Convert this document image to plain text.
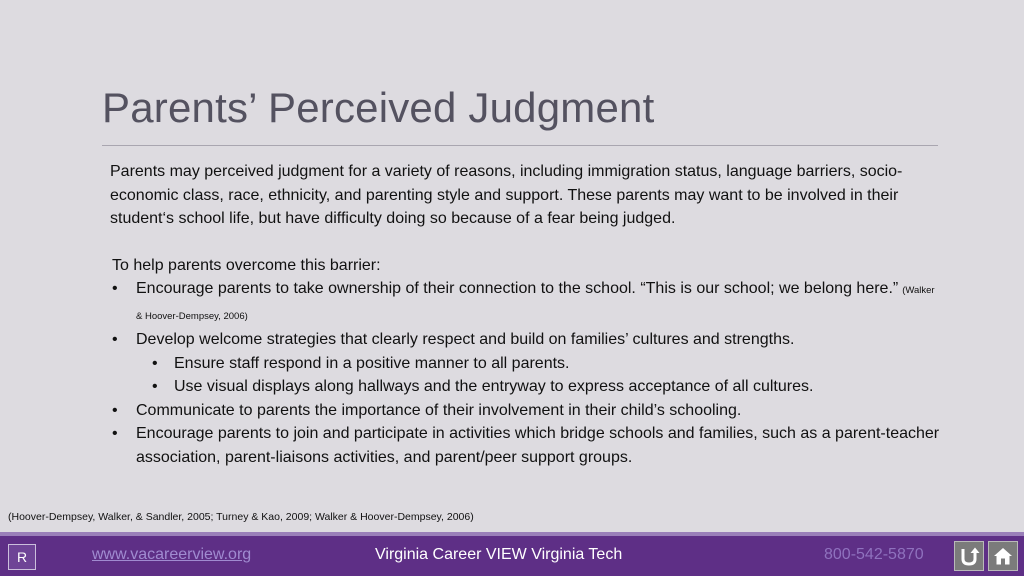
Parents’ Perceived Judgment

Parents may perceived judgment for a variety of reasons, including immigration status, language barriers, socio-economic class, race, ethnicity, and parenting style and support. These parents may want to be involved in their student‘s school life, but have difficulty doing so because of a fear being judged.

To help parents overcome this barrier:

• Encourage parents to take ownership of their connection to the school. “This is our school; we belong here.” (Walker & Hoover-Dempsey, 2006)
• Develop welcome strategies that clearly respect and build on families’ cultures and strengths.
• Ensure staff respond in a positive manner to all parents.
• Use visual displays along hallways and the entryway to express acceptance of all cultures.
• Communicate to parents the importance of their involvement in their child’s schooling.
• Encourage parents to join and participate in activities which bridge schools and families, such as a parent-teacher association, parent-liaisons activities, and parent/peer support groups.
(Hoover-Dempsey, Walker, & Sandler, 2005; Turney & Kao, 2009; Walker & Hoover-Dempsey, 2006)
R	www.vacareerview.org	Virginia Career VIEW Virginia Tech	800-542-5870
